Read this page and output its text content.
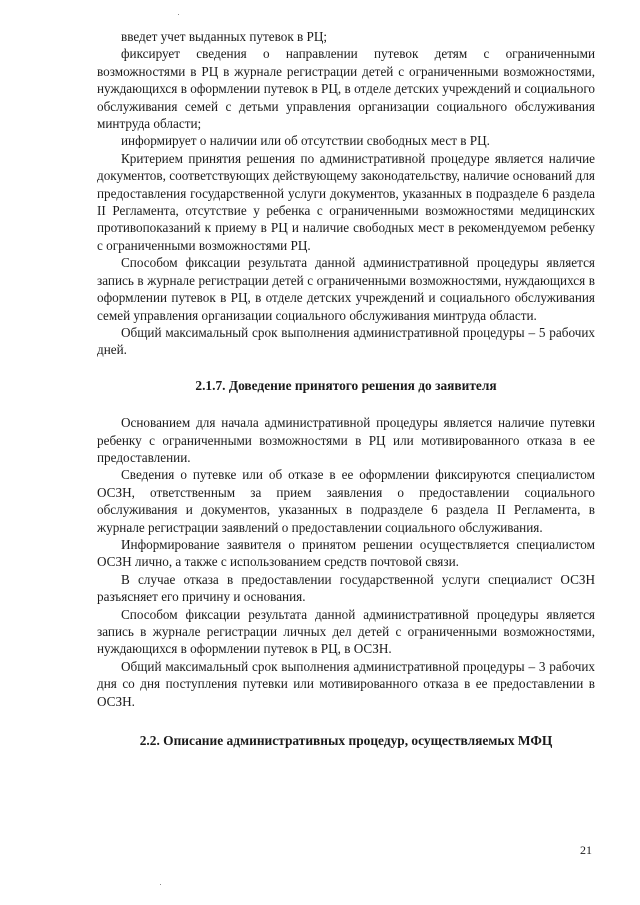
введет учет выданных путевок в РЦ;

фиксирует сведения о направлении путевок детям с ограниченными возможностями в РЦ в журнале регистрации детей с ограниченными возможностями, нуждающихся в оформлении путевок в РЦ, в отделе детских учреждений и социального обслуживания семей с детьми управления организации социального обслуживания минтруда области;

информирует о наличии или об отсутствии свободных мест в РЦ.

Критерием принятия решения по административной процедуре является наличие документов, соответствующих действующему законодательству, наличие оснований для предоставления государственной услуги документов, указанных в подразделе 6 раздела II Регламента, отсутствие у ребенка с ограниченными возможностями медицинских противопоказаний к приему в РЦ и наличие свободных мест в рекомендуемом ребенку с ограниченными возможностями РЦ.

Способом фиксации результата данной административной процедуры является запись в журнале регистрации детей с ограниченными возможностями, нуждающихся в оформлении путевок в РЦ, в отделе детских учреждений и социального обслуживания семей управления организации социального обслуживания минтруда области.

Общий максимальный срок выполнения административной процедуры – 5 рабочих дней.

2.1.7. Доведение принятого решения до заявителя

Основанием для начала административной процедуры является наличие путевки ребенку с ограниченными возможностями в РЦ или мотивированного отказа в ее предоставлении.

Сведения о путевке или об отказе в ее оформлении фиксируются специалистом ОСЗН, ответственным за прием заявления о предоставлении социального обслуживания и документов, указанных в подразделе 6 раздела II Регламента, в журнале регистрации заявлений о предоставлении социального обслуживания.

Информирование заявителя о принятом решении осуществляется специалистом ОСЗН лично, а также с использованием средств почтовой связи.

В случае отказа в предоставлении государственной услуги специалист ОСЗН разъясняет его причину и основания.

Способом фиксации результата данной административной процедуры является запись в журнале регистрации личных дел детей с ограниченными возможностями, нуждающихся в оформлении путевок в РЦ, в ОСЗН.

Общий максимальный срок выполнения административной процедуры – 3 рабочих дня со дня поступления путевки или мотивированного отказа в ее предоставлении в ОСЗН.

2.2. Описание административных процедур, осуществляемых МФЦ

21
